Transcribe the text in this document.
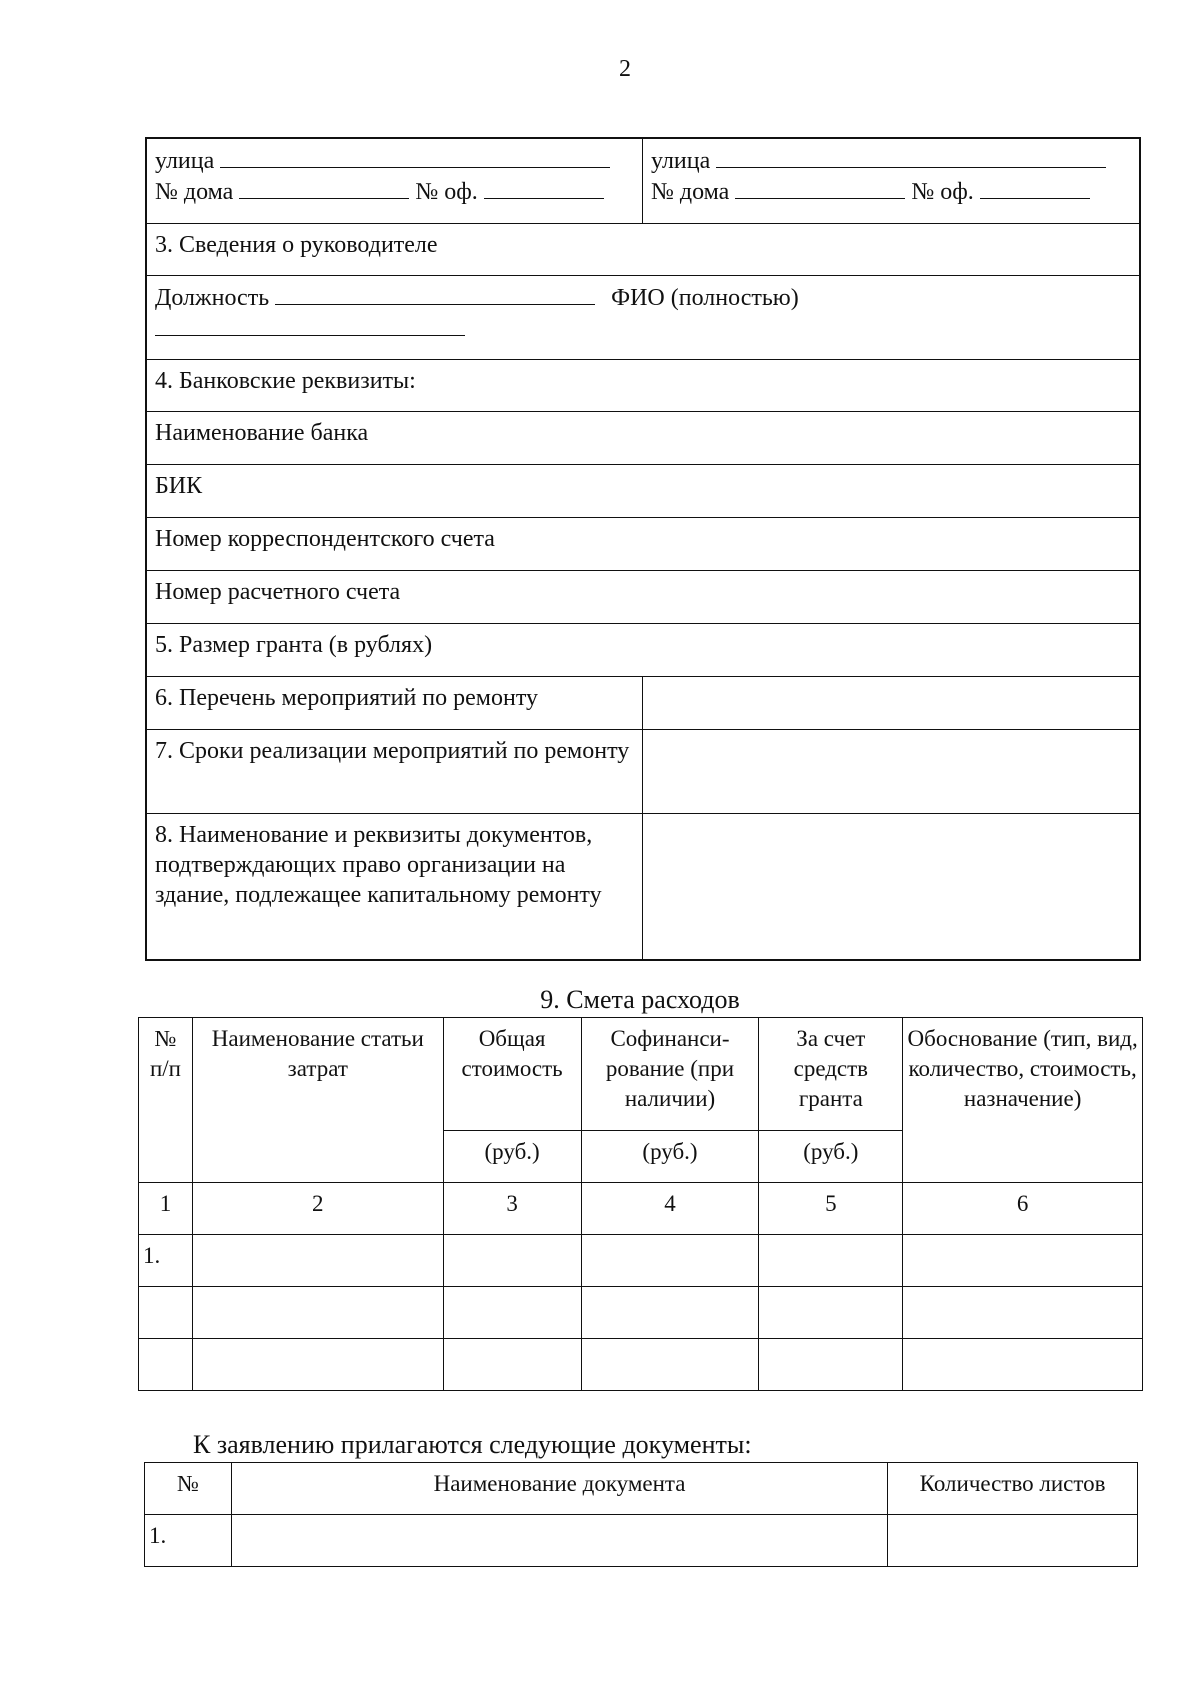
2
улица
№ дома	№ оф.
улица
№ дома	№ оф.
3. Сведения о руководителе
Должность	ФИО (полностью)
4. Банковские реквизиты:
Наименование банка
БИК
Номер корреспондентского счета
Номер расчетного счета
5. Размер гранта (в рублях)
6. Перечень мероприятий по ремонту
7. Сроки реализации мероприятий по ремонту
8. Наименование и реквизиты документов, подтверждающих право организации на здание, подлежащее капитальному ремонту
9. Смета расходов
№ п/п	Наименование статьи затрат	Общая стоимость	Софинанси-рование (при наличии)	За счет средств гранта	Обоснование (тип, вид, количество, стоимость, назначение)
		(руб.)	(руб.)	(руб.)	
1	2	3	4	5	6
1.					

К заявлению прилагаются следующие документы:
№	Наименование документа	Количество листов
1.		
